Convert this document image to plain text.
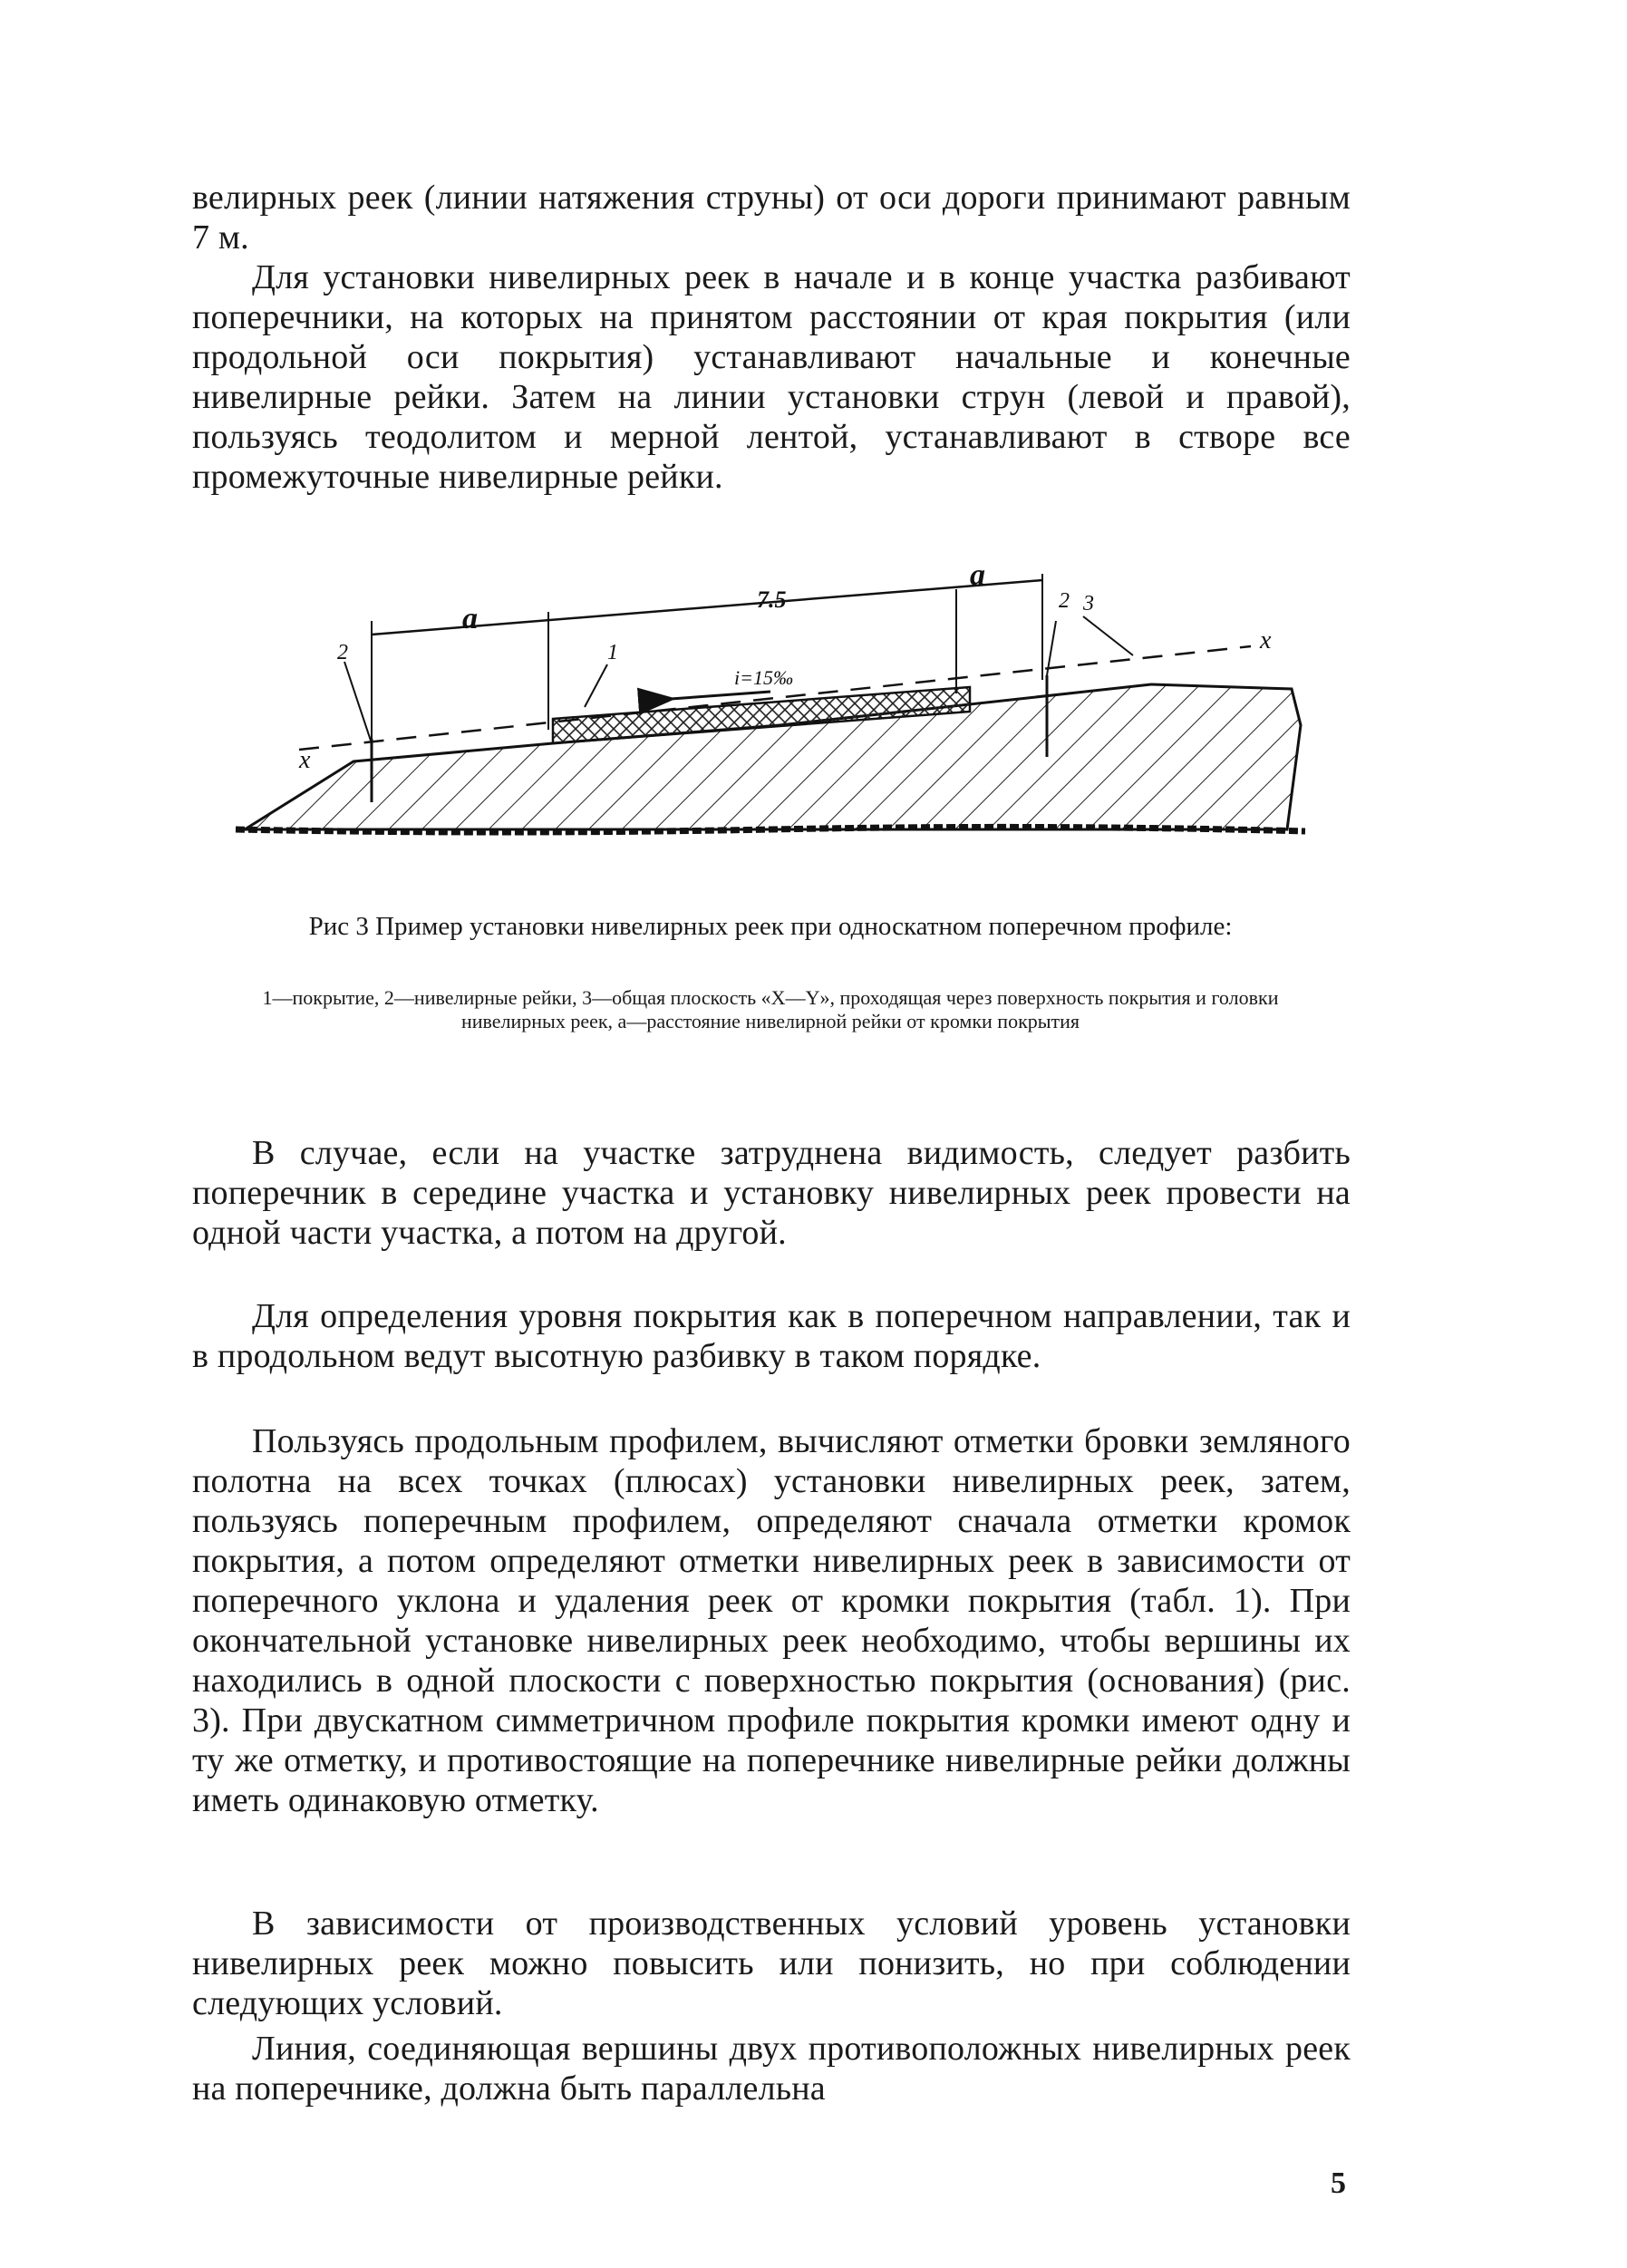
велирных реек (линии натяжения струны) от оси дороги принимают равным 7 м.

Для установки нивелирных реек в начале и в конце участка разбивают поперечники, на которых на принятом расстоянии от края покрытия (или продольной оси покрытия) устанавливают начальные и конечные нивелирные рейки. Затем на линии установки струн (левой и правой), пользуясь теодолитом и мерной лентой, устанавливают в створе все промежуточные нивелирные рейки.

a
a
7.5
i=15‰
1
2
2 3
x
x

Рис 3 Пример установки нивелирных реек при односкатном поперечном профиле:

1—покрытие, 2—нивелирные рейки, 3—общая плоскость «X—Y», проходящая через поверхность покрытия и головки нивелирных реек, a—расстояние нивелирной рейки от кромки покрытия

В случае, если на участке затруднена видимость, следует разбить поперечник в середине участка и установку нивелирных реек провести на одной части участка, а потом на другой.

Для определения уровня покрытия как в поперечном направлении, так и в продольном ведут высотную разбивку в таком порядке.

Пользуясь продольным профилем, вычисляют отметки бровки земляного полотна на всех точках (плюсах) установки нивелирных реек, затем, пользуясь поперечным профилем, определяют сначала отметки кромок покрытия, а потом определяют отметки нивелирных реек в зависимости от поперечного уклона и удаления реек от кромки покрытия (табл. 1). При окончательной установке нивелирных реек необходимо, чтобы вершины их находились в одной плоскости с поверхностью покрытия (основания) (рис. 3). При двускатном симметричном профиле покрытия кромки имеют одну и ту же отметку, и противостоящие на поперечнике нивелирные рейки должны иметь одинаковую отметку.

В зависимости от производственных условий уровень установки нивелирных реек можно повысить или понизить, но при соблюдении следующих условий.

Линия, соединяющая вершины двух противоположных нивелирных реек на поперечнике, должна быть параллельна

5
